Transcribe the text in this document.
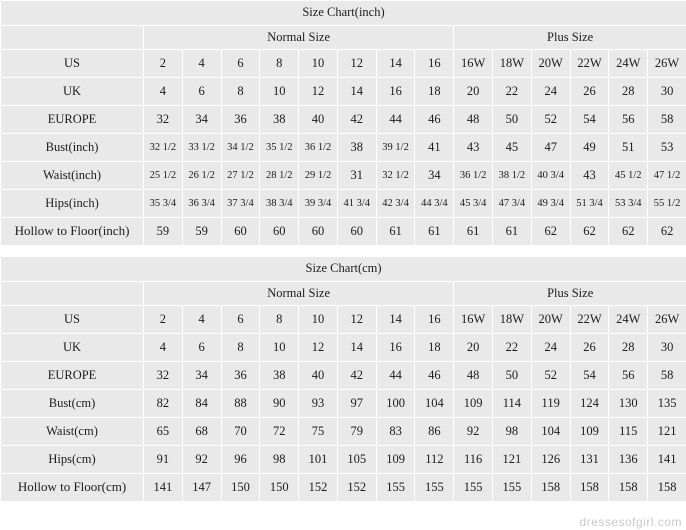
Size Chart(inch)														
	Normal Size								Plus Size					
US	2	4	6	8	10	12	14	16	16W	18W	20W	22W	24W	26W
UK	4	6	8	10	12	14	16	18	20	22	24	26	28	30
EUROPE	32	34	36	38	40	42	44	46	48	50	52	54	56	58
Bust(inch)	32 1/2	33 1/2	34 1/2	35 1/2	36 1/2	38	39 1/2	41	43	45	47	49	51	53
Waist(inch)	25 1/2	26 1/2	27 1/2	28 1/2	29 1/2	31	32 1/2	34	36 1/2	38 1/2	40 3/4	43	45 1/2	47 1/2
Hips(inch)	35 3/4	36 3/4	37 3/4	38 3/4	39 3/4	41 3/4	42 3/4	44 3/4	45 3/4	47 3/4	49 3/4	51 3/4	53 3/4	55 1/2
Hollow to Floor(inch)	59	59	60	60	60	60	61	61	61	61	62	62	62	62
Size Chart(cm)														
	Normal Size								Plus Size					
US	2	4	6	8	10	12	14	16	16W	18W	20W	22W	24W	26W
UK	4	6	8	10	12	14	16	18	20	22	24	26	28	30
EUROPE	32	34	36	38	40	42	44	46	48	50	52	54	56	58
Bust(cm)	82	84	88	90	93	97	100	104	109	114	119	124	130	135
Waist(cm)	65	68	70	72	75	79	83	86	92	98	104	109	115	121
Hips(cm)	91	92	96	98	101	105	109	112	116	121	126	131	136	141
Hollow to Floor(cm)	141	147	150	150	152	152	155	155	155	155	158	158	158	158
dressesofgirl.com
